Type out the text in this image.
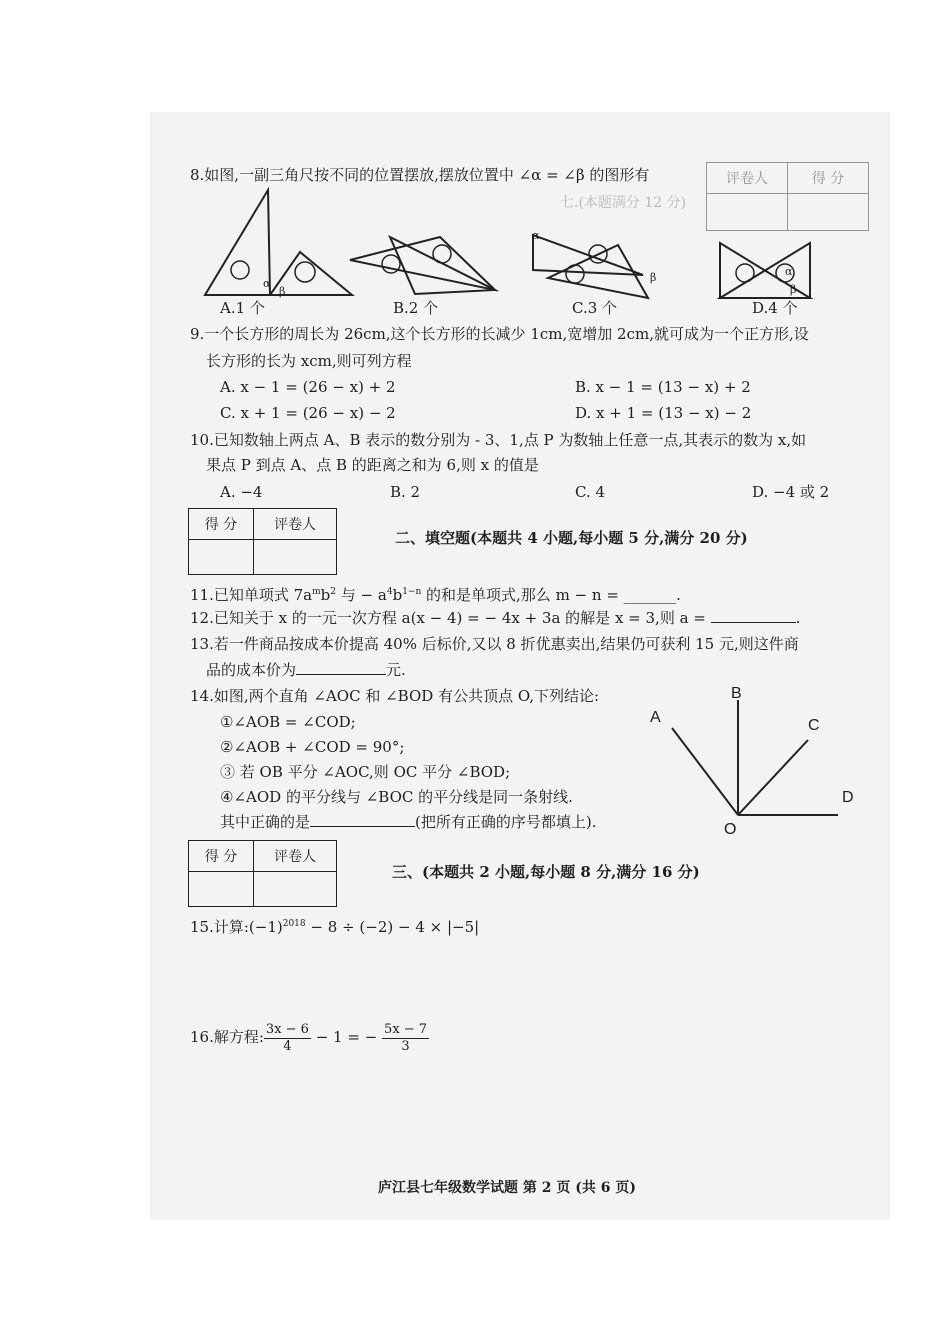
评卷人	得 分

七.(本题满分 12 分)
8.如图,一副三角尺按不同的位置摆放,摆放位置中 ∠α = ∠β 的图形有
α
β
α
β	α
β
A.1 个	B.2 个	C.3 个	D.4 个
9.一个长方形的周长为 26cm,这个长方形的长减少 1cm,宽增加 2cm,就可成为一个正方形,设
长方形的长为 xcm,则可列方程
A. x − 1 = (26 − x) + 2	B. x − 1 = (13 − x) + 2
C. x + 1 = (26 − x) − 2	D. x + 1 = (13 − x) − 2
10.已知数轴上两点 A、B 表示的数分别为 - 3、1,点 P 为数轴上任意一点,其表示的数为 x,如
果点 P 到点 A、点 B 的距离之和为 6,则 x 的值是
A. −4	B. 2	C. 4	D. −4 或 2
得 分	评卷人

二、填空题(本题共 4 小题,每小题 5 分,满分 20 分)
11.已知单项式 $7a^mb^2$ 与 − $a^4b^{1-n}$ 的和是单项式,那么 m − n = _______.
12.已知关于 x 的一元一次方程 a(x − 4) = − 4x + 3a 的解是 x = 3,则 a =	.
13.若一件商品按成本价提高 40% 后标价,又以 8 折优惠卖出,结果仍可获利 15 元,则这件商
品的成本价为	元.
14.如图,两个直角 ∠AOC 和 ∠BOD 有公共顶点 O,下列结论:
①∠AOB = ∠COD;
②∠AOB + ∠COD = 90°;
③ 若 OB 平分 ∠AOC,则 OC 平分 ∠BOD;
④∠AOD 的平分线与 ∠BOC 的平分线是同一条射线.
其中正确的是	(把所有正确的序号都填上).
A
B
C
D
O
得 分	评卷人

三、(本题共 2 小题,每小题 8 分,满分 16 分)
15.计算$:(-1)^{2018} - 8 \div (-2) - 4 \times |-5|$
16.解方程: $\frac{3x - 6}{4} - 1$ = − $\frac{5x - 7}{3}$
庐江县七年级数学试题 第 2 页 (共 6 页)
